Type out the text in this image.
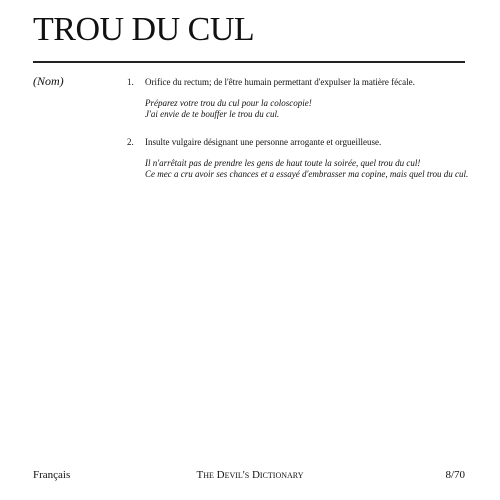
TROU DU CUL
(Nom)	1. Orifice du rectum; de l'être humain permettant d'expulser la matière fécale.
Préparez votre trou du cul pour la coloscopie!
J'ai envie de te bouffer le trou du cul.
2. Insulte vulgaire désignant une personne arrogante et orgueilleuse.
Il n'arrêtait pas de prendre les gens de haut toute la soirée, quel trou du cul!
Ce mec a cru avoir ses chances et a essayé d'embrasser ma copine, mais quel trou du cul.
Français	The Devil's Dictionary	8/70
